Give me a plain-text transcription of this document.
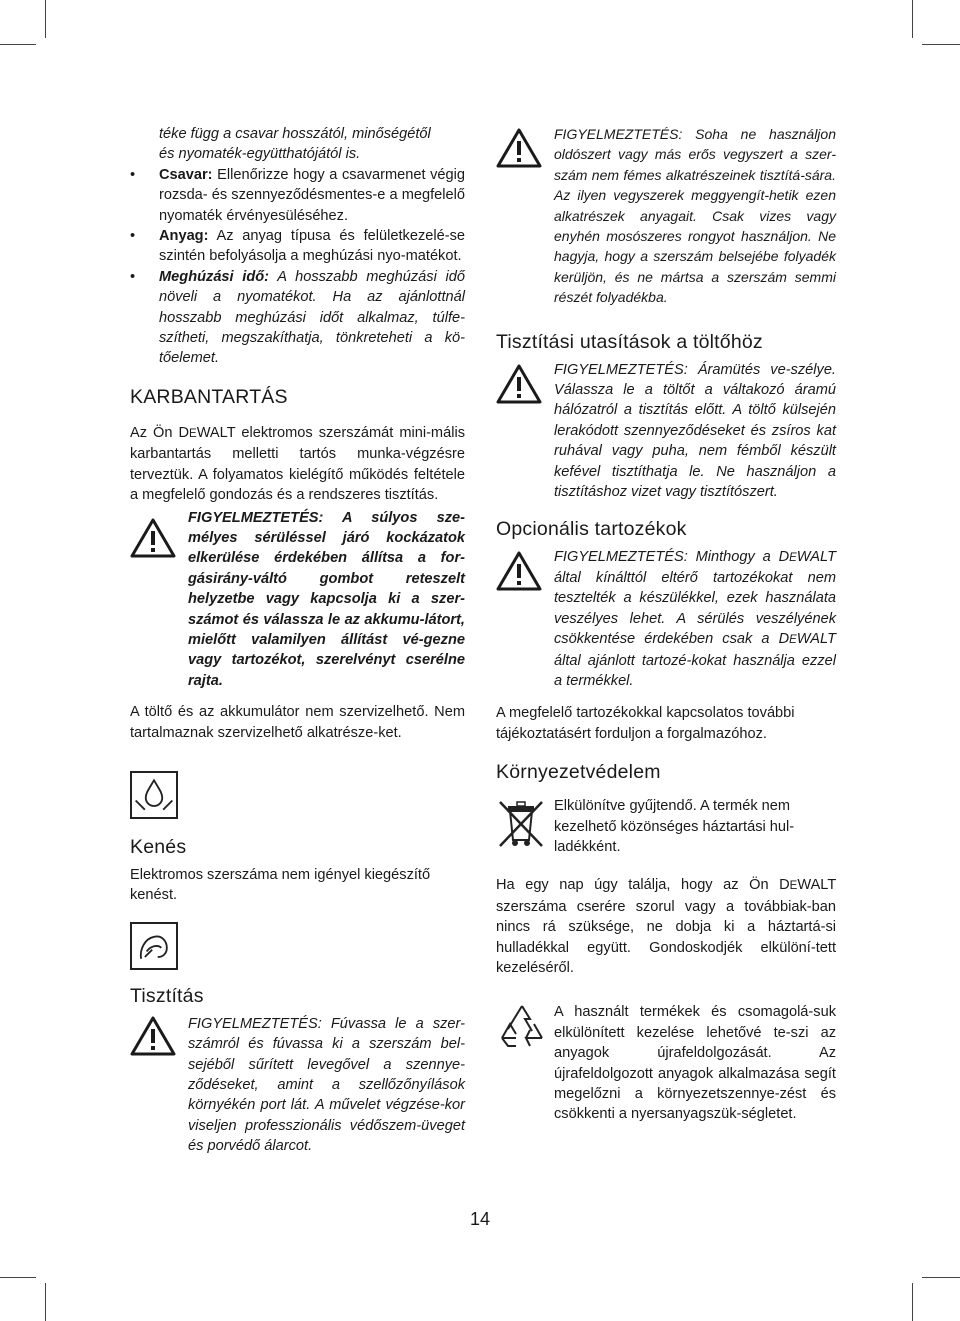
téke függ a csavar hosszától, minőségétől

és nyomaték-együtthatójától is.

• Csavar: Ellenőrizze hogy a csavarmenet végig rozsda- és szennyeződésmentes-e a megfelelő nyomaték érvényesüléséhez.
• Anyag: Az anyag típusa és felületkezelé-se szintén befolyásolja a meghúzási nyo-matékot.
• Meghúzási idő: A hosszabb meghúzási idő növeli a nyomatékot. Ha az ajánlottnál hosszabb meghúzási időt alkalmaz, túlfe-szítheti, megszakíthatja, tönkreteheti a kö-tőelemet.
KARBANTARTÁS

Az Ön DEWALT elektromos szerszámát mini-mális karbantartás melletti tartós munka-végzésre terveztük. A folyamatos kielégítő működés feltétele a megfelelő gondozás és a rendszeres tisztítás.

FIGYELMEZTETÉS: A súlyos sze-mélyes sérüléssel járó kockázatok elkerülése érdekében állítsa a for-gásirány-váltó gombot reteszelt helyzetbe vagy kapcsolja ki a szer-számot és válassza le az akkumu-látort, mielőtt valamilyen állítást vé-gezne vagy tartozékot, szerelvényt cserélne rajta.

A töltő és az akkumulátor nem szervizelhető. Nem tartalmaznak szervizelhető alkatrésze-ket.

Kenés

Elektromos szerszáma nem igényel kiegészítő kenést.

Tisztítás

FIGYELMEZTETÉS: Fúvassa le a szer-számról és fúvassa ki a szerszám bel-sejéből sűrített levegővel a szennye-ződéseket, amint a szellőzőnyílások környékén port lát. A művelet végzése-kor viseljen professzionális védőszem-üveget és porvédő álarcot.

FIGYELMEZTETÉS: Soha ne használjon oldószert vagy más erős vegyszert a szer-szám nem fémes alkatrészeinek tisztítá-sára. Az ilyen vegyszerek meggyengít-hetik ezen alkatrészek anyagait. Csak vizes vagy enyhén mosószeres rongyot használjon. Ne hagyja, hogy a szerszám belsejébe folyadék kerüljön, és ne mártsa a szerszám semmi részét folyadékba.

Tisztítási utasítások a töltőhöz

FIGYELMEZTETÉS: Áramütés ve-szélye. Válassza le a töltőt a váltakozó áramú hálózatról a tisztítás előtt. A töltő külsején lerakódott szennyeződéseket és zsíros kat ruhával vagy puha, nem fémből készült kefével tisztíthatja le. Ne használjon a tisztításhoz vizet vagy tisztítószert.

Opcionális tartozékok

FIGYELMEZTETÉS: Minthogy a DEWALT által kínálttól eltérő tartozékokat nem tesztelték a készülékkel, ezek használata veszélyes lehet. A sérülés veszélyének csökkentése érdekében csak a DEWALT által ajánlott tartozé-kokat használja ezzel a termékkel.

A megfelelő tartozékokkal kapcsolatos további tájékoztatásért forduljon a forgalmazóhoz.

Környezetvédelem

Elkülönítve gyűjtendő. A termék nem kezelhető közönséges háztartási hul-ladékként.

Ha egy nap úgy találja, hogy az Ön DEWALT szerszáma cserére szorul vagy a továbbiak-ban nincs rá szüksége, ne dobja ki a háztartá-si hulladékkal együtt. Gondoskodjék elkülöní-tett kezeléséről.

A használt termékek és csomagolá-suk elkülönített kezelése lehetővé te-szi az anyagok újrafeldolgozását. Az újrafeldolgozott anyagok alkalmazása segít megelőzni a környezetszennye-zést és csökkenti a nyersanyagszük-ségletet.

14
